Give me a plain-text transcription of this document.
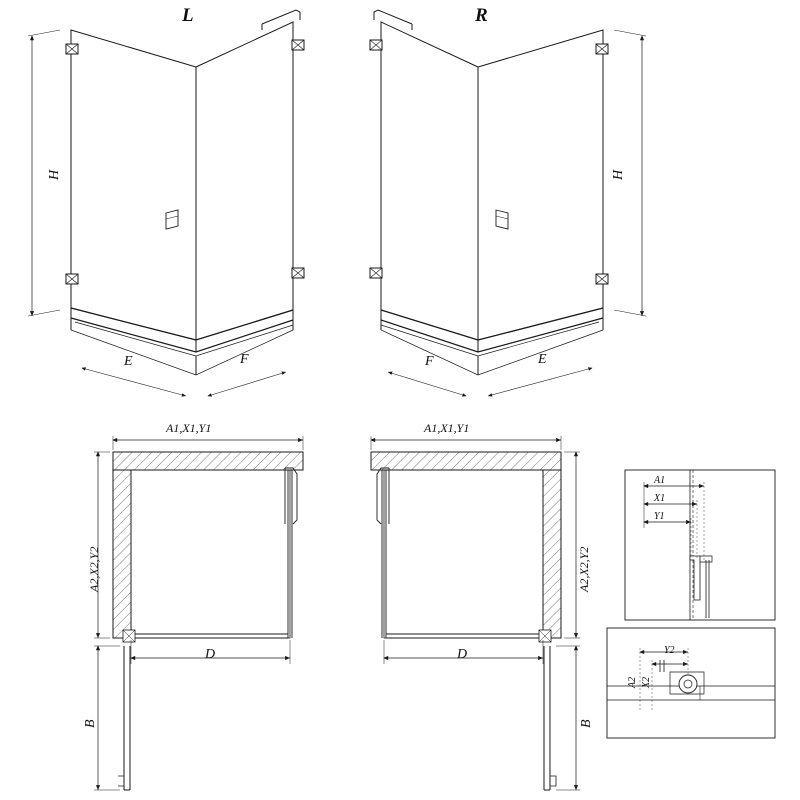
L	R
H	H
E	F	F	E
A1,X1,Y1	A1,X1,Y1
A2,X2,Y2	A2,X2,Y2
D	D
B	B
A1
X1
Y1
A2 X2
Y2
